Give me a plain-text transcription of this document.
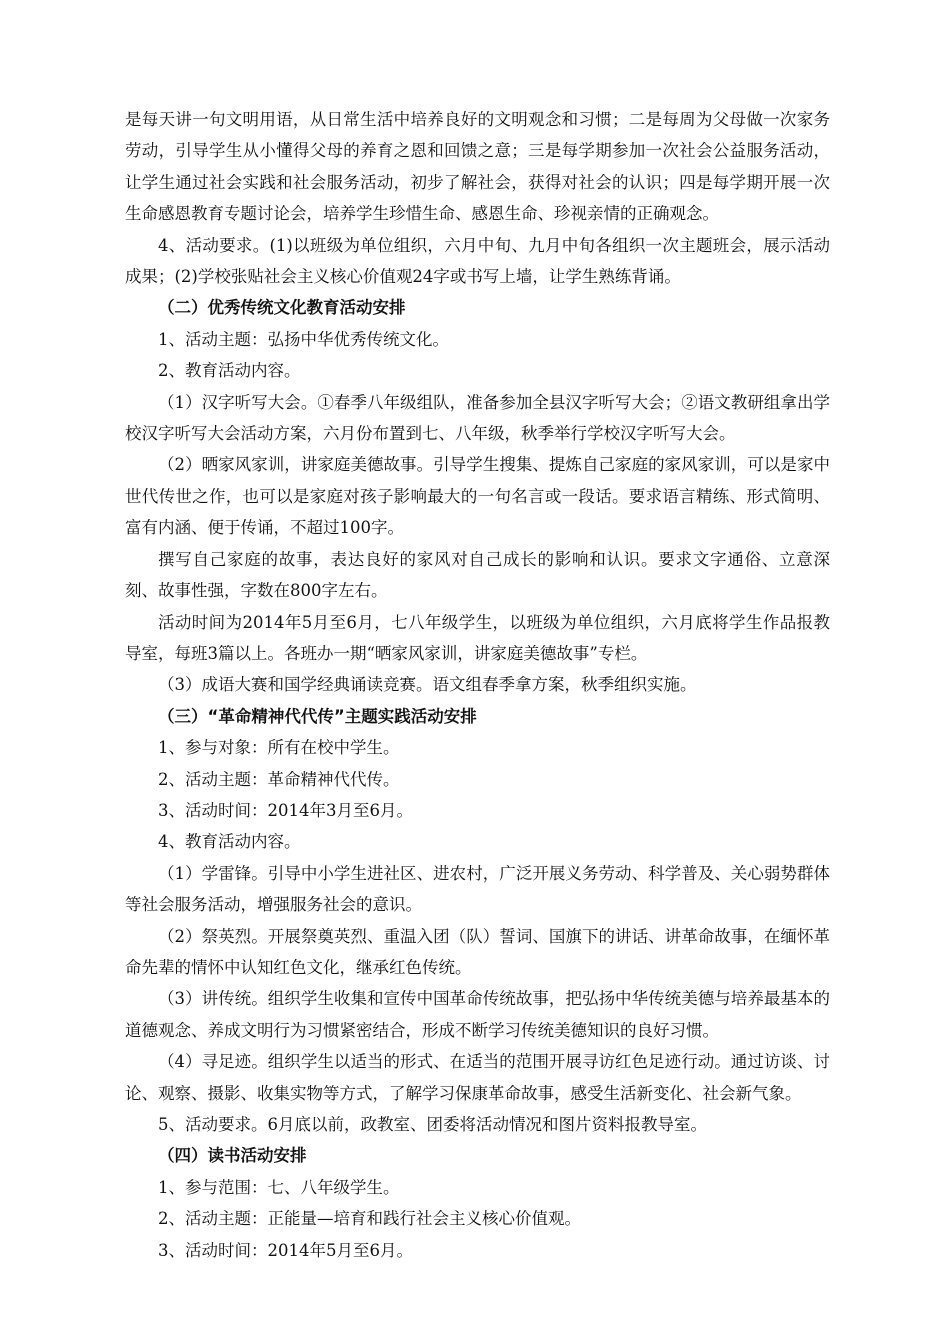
是每天讲一句文明用语，从日常生活中培养良好的文明观念和习惯；二是每周为父母做一次家务劳动，引导学生从小懂得父母的养育之恩和回馈之意；三是每学期参加一次社会公益服务活动，让学生通过社会实践和社会服务活动，初步了解社会，获得对社会的认识；四是每学期开展一次生命感恩教育专题讨论会，培养学生珍惜生命、感恩生命、珍视亲情的正确观念。

4、活动要求。(1)以班级为单位组织，六月中旬、九月中旬各组织一次主题班会，展示活动成果；(2)学校张贴社会主义核心价值观24字或书写上墙，让学生熟练背诵。

（二）优秀传统文化教育活动安排

1、活动主题：弘扬中华优秀传统文化。

2、教育活动内容。

（1）汉字听写大会。①春季八年级组队，准备参加全县汉字听写大会；②语文教研组拿出学校汉字听写大会活动方案，六月份布置到七、八年级，秋季举行学校汉字听写大会。

（2）晒家风家训，讲家庭美德故事。引导学生搜集、提炼自己家庭的家风家训，可以是家中世代传世之作，也可以是家庭对孩子影响最大的一句名言或一段话。要求语言精练、形式简明、富有内涵、便于传诵，不超过100字。

撰写自己家庭的故事，表达良好的家风对自己成长的影响和认识。要求文字通俗、立意深刻、故事性强，字数在800字左右。

活动时间为2014年5月至6月，七八年级学生，以班级为单位组织，六月底将学生作品报教导室，每班3篇以上。各班办一期“晒家风家训，讲家庭美德故事”专栏。

（3）成语大赛和国学经典诵读竞赛。语文组春季拿方案，秋季组织实施。

（三）“革命精神代代传”主题实践活动安排

1、参与对象：所有在校中学生。

2、活动主题：革命精神代代传。

3、活动时间：2014年3月至6月。

4、教育活动内容。

（1）学雷锋。引导中小学生进社区、进农村，广泛开展义务劳动、科学普及、关心弱势群体等社会服务活动，增强服务社会的意识。

（2）祭英烈。开展祭奠英烈、重温入团（队）誓词、国旗下的讲话、讲革命故事，在缅怀革命先辈的情怀中认知红色文化，继承红色传统。

（3）讲传统。组织学生收集和宣传中国革命传统故事，把弘扬中华传统美德与培养最基本的道德观念、养成文明行为习惯紧密结合，形成不断学习传统美德知识的良好习惯。

（4）寻足迹。组织学生以适当的形式、在适当的范围开展寻访红色足迹行动。通过访谈、讨论、观察、摄影、收集实物等方式，了解学习保康革命故事，感受生活新变化、社会新气象。

5、活动要求。6月底以前，政教室、团委将活动情况和图片资料报教导室。

（四）读书活动安排

1、参与范围：七、八年级学生。

2、活动主题：正能量—培育和践行社会主义核心价值观。

3、活动时间：2014年5月至6月。
